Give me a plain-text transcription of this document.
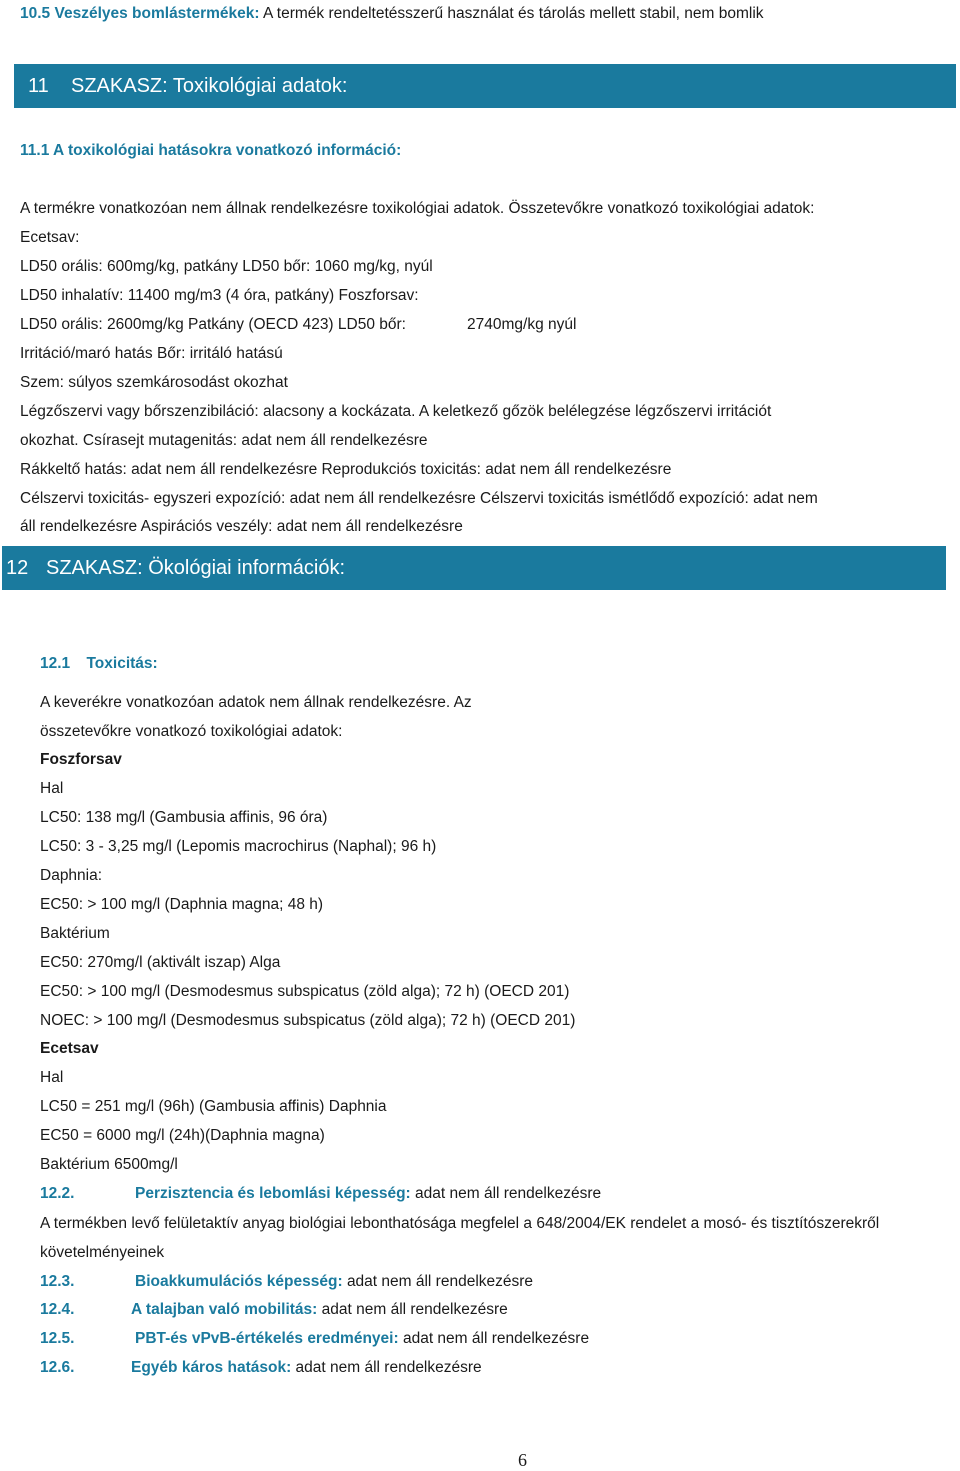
10.5 Veszélyes bomlástermékek: A termék rendeltetésszerű használat és tárolás mellett stabil, nem bomlik
11 SZAKASZ: Toxikológiai adatok:
11.1 A toxikológiai hatásokra vonatkozó információ:
A termékre vonatkozóan nem állnak rendelkezésre toxikológiai adatok. Összetevőkre vonatkozó toxikológiai adatok:
Ecetsav:
LD50 orális: 600mg/kg, patkány LD50 bőr: 1060 mg/kg, nyúl
LD50 inhalatív: 11400 mg/m3 (4 óra, patkány) Foszforsav:
LD50 orális: 2600mg/kg Patkány (OECD 423) LD50 bőr:	2740mg/kg nyúl
Irritáció/maró hatás Bőr: irritáló hatású
Szem: súlyos szemkárosodást okozhat
Légzőszervi vagy bőrszenzibiláció: alacsony a kockázata. A keletkező gőzök belélegzése légzőszervi irritációt
okozhat. Csírasejt mutagenitás: adat nem áll rendelkezésre
Rákkeltő hatás: adat nem áll rendelkezésre Reprodukciós toxicitás: adat nem áll rendelkezésre
Célszervi toxicitás- egyszeri expozíció: adat nem áll rendelkezésre Célszervi toxicitás ismétlődő expozíció: adat nem
áll rendelkezésre Aspirációs veszély: adat nem áll rendelkezésre
12 SZAKASZ: Ökológiai információk:
12.1 Toxicitás:
A keverékre vonatkozóan adatok nem állnak rendelkezésre. Az
összetevőkre vonatkozó toxikológiai adatok:
Foszforsav
Hal
LC50: 138 mg/l (Gambusia affinis, 96 óra)
LC50: 3 - 3,25 mg/l (Lepomis macrochirus (Naphal); 96 h)
Daphnia:
EC50: > 100 mg/l (Daphnia magna; 48 h)
Baktérium
EC50: 270mg/l (aktivált iszap) Alga
EC50: > 100 mg/l (Desmodesmus subspicatus (zöld alga); 72 h) (OECD 201)
NOEC: > 100 mg/l (Desmodesmus subspicatus (zöld alga); 72 h) (OECD 201)
Ecetsav
Hal
LC50 = 251 mg/l (96h) (Gambusia affinis) Daphnia
EC50 = 6000 mg/l (24h)(Daphnia magna)
Baktérium 6500mg/l
12.2.	Perzisztencia és lebomlási képesség: adat nem áll rendelkezésre
A termékben levő felületaktív anyag biológiai lebonthatósága megfelel a 648/2004/EK rendelet a mosó- és tisztítószerekről
követelményeinek
12.3.	Bioakkumulációs képesség: adat nem áll rendelkezésre
12.4.	A talajban való mobilitás: adat nem áll rendelkezésre
12.5.	PBT-és vPvB-értékelés eredményei: adat nem áll rendelkezésre
12.6.	Egyéb káros hatások: adat nem áll rendelkezésre
6
